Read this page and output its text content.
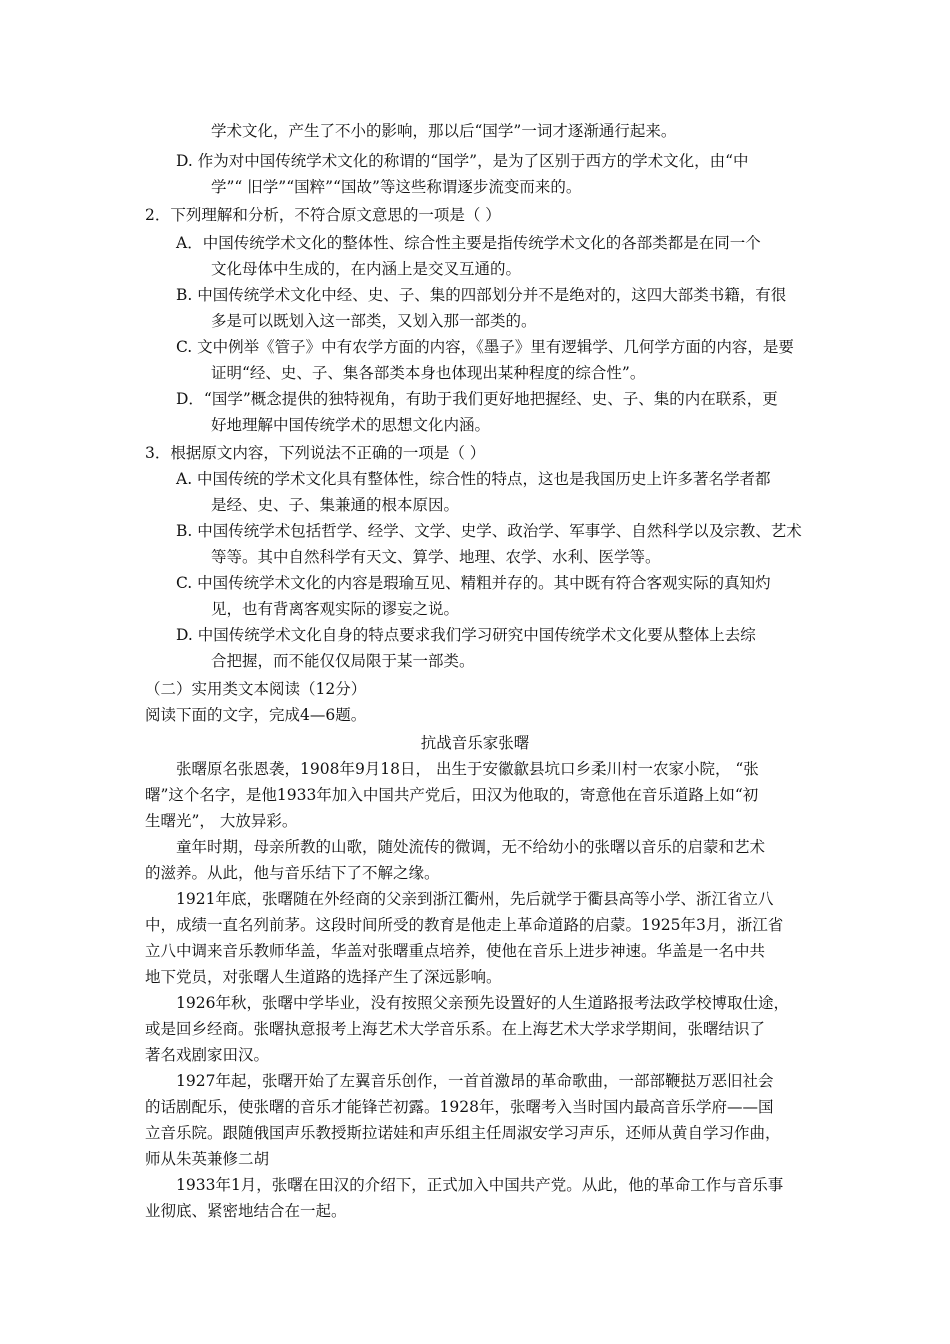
学术文化，产生了不小的影响，那以后“国学”一词才逐渐通行起来。
D. 作为对中国传统学术文化的称谓的“国学”，是为了区别于西方的学术文化，由“中
学”“ 旧学”“国粹”“国故”等这些称谓逐步流变而来的。
2．下列理解和分析，不符合原文意思的一项是（ ）
A．中国传统学术文化的整体性、综合性主要是指传统学术文化的各部类都是在同一个
文化母体中生成的，在内涵上是交叉互通的。
B. 中国传统学术文化中经、史、子、集的四部划分并不是绝对的，这四大部类书籍，有很
多是可以既划入这一部类，又划入那一部类的。
C. 文中例举《管子》中有农学方面的内容，《墨子》里有逻辑学、几何学方面的内容，是要
证明“经、史、子、集各部类本身也体现出某种程度的综合性”。
D．“国学”概念提供的独特视角，有助于我们更好地把握经、史、子、集的内在联系，更
好地理解中国传统学术的思想文化内涵。
3．根据原文内容，下列说法不正确的一项是（ ）
A. 中国传统的学术文化具有整体性，综合性的特点，这也是我国历史上许多著名学者都
是经、史、子、集兼通的根本原因。
B. 中国传统学术包括哲学、经学、文学、史学、政治学、军事学、自然科学以及宗教、艺术
等等。其中自然科学有天文、算学、地理、农学、水利、医学等。
C. 中国传统学术文化的内容是瑕瑜互见、精粗并存的。其中既有符合客观实际的真知灼
见，也有背离客观实际的谬妄之说。
D. 中国传统学术文化自身的特点要求我们学习研究中国传统学术文化要从整体上去综
合把握，而不能仅仅局限于某一部类。
（二）实用类文本阅读（12分）
阅读下面的文字，完成4—6题。
抗战音乐家张曙
张曙原名张恩袭，1908年9月18日， 出生于安徽歙县坑口乡柔川村一农家小院， “张
曙”这个名字，是他1933年加入中国共产党后，田汉为他取的，寄意他在音乐道路上如“初
生曙光”， 大放异彩。
童年时期，母亲所教的山歌，随处流传的微调，无不给幼小的张曙以音乐的启蒙和艺术
的滋养。从此，他与音乐结下了不解之缘。
1921年底，张曙随在外经商的父亲到浙江衢州，先后就学于衢县高等小学、浙江省立八
中，成绩一直名列前茅。这段时间所受的教育是他走上革命道路的启蒙。1925年3月，浙江省
立八中调来音乐教师华盖，华盖对张曙重点培养，使他在音乐上进步神速。华盖是一名中共
地下党员，对张曙人生道路的选择产生了深远影响。
1926年秋，张曙中学毕业，没有按照父亲预先设置好的人生道路报考法政学校博取仕途，
或是回乡经商。张曙执意报考上海艺术大学音乐系。在上海艺术大学求学期间，张曙结识了
著名戏剧家田汉。
1927年起，张曙开始了左翼音乐创作，一首首激昂的革命歌曲，一部部鞭挞万恶旧社会
的话剧配乐，使张曙的音乐才能锋芒初露。1928年，张曙考入当时国内最高音乐学府——国
立音乐院。跟随俄国声乐教授斯拉诺娃和声乐组主任周淑安学习声乐，还师从黄自学习作曲，
师从朱英兼修二胡
1933年1月，张曙在田汉的介绍下，正式加入中国共产党。从此，他的革命工作与音乐事
业彻底、紧密地结合在一起。
